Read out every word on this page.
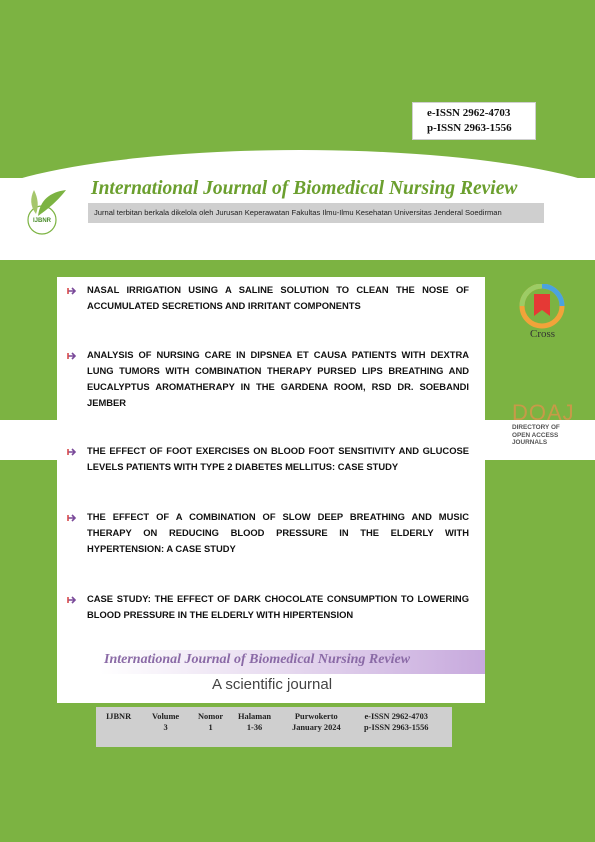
e-ISSN 2962-4703
p-ISSN 2963-1556
IJBNR
International Journal of Biomedical Nursing Review
Jurnal terbitan berkala dikelola oleh Jurusan Keperawatan Fakultas Ilmu-Ilmu Kesehatan Universitas Jenderal Soedirman
NASAL IRRIGATION USING A SALINE SOLUTION TO CLEAN THE NOSE OF ACCUMULATED SECRETIONS AND IRRITANT COMPONENTS
ANALYSIS OF NURSING CARE IN DIPSNEA ET CAUSA PATIENTS WITH DEXTRA LUNG TUMORS WITH COMBINATION THERAPY PURSED LIPS BREATHING AND EUCALYPTUS AROMATHERAPY IN THE GARDENA ROOM, RSD DR. SOEBANDI JEMBER
THE EFFECT OF FOOT EXERCISES ON BLOOD FOOT SENSITIVITY AND GLUCOSE LEVELS PATIENTS WITH TYPE 2 DIABETES MELLITUS: CASE STUDY
THE EFFECT OF A COMBINATION OF SLOW DEEP BREATHING AND MUSIC THERAPY ON REDUCING BLOOD PRESSURE IN THE ELDERLY WITH HYPERTENSION: A CASE STUDY
CASE STUDY: THE EFFECT OF DARK CHOCOLATE CONSUMPTION TO LOWERING BLOOD PRESSURE IN THE ELDERLY WITH HIPERTENSION
Cross
DOAJ
DIRECTORY OF
OPEN ACCESS
JOURNALS
International Journal of Biomedical Nursing Review
A scientific journal
IJBNR Volume
3
Nomor
1
Halaman
1-36
Purwokerto
January 2024
e-ISSN 2962-4703
p-ISSN 2963-1556
